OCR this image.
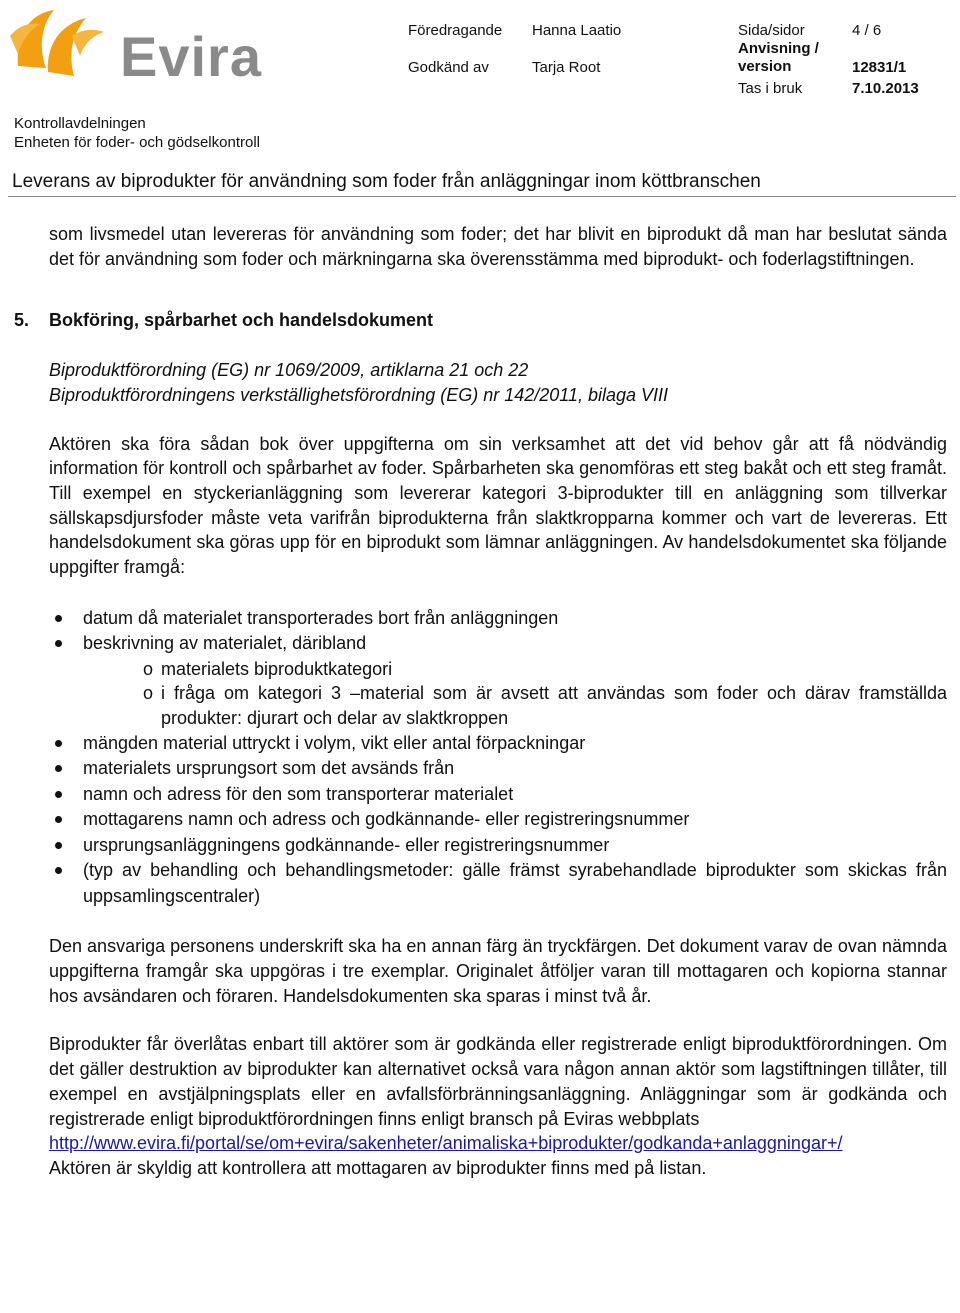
Evira	Föredragande Hanna Laatio	Sida/sidor	4 / 6
Godkänd av	Tarja Root
Anvisning / version	12831/1
Tas i bruk	7.10.2013
Kontrollavdelningen
Enheten för foder- och gödselkontroll
Leverans av biprodukter för användning som foder från anläggningar inom köttbranschen

som livsmedel utan levereras för användning som foder; det har blivit en biprodukt då man har beslutat sända det för användning som foder och märkningarna ska överensstämma med biprodukt- och foderlagstiftningen.

5. Bokföring, spårbarhet och handelsdokument
Biproduktförordning (EG) nr 1069/2009, artiklarna 21 och 22
Biproduktförordningens verkställighetsförordning (EG) nr 142/2011, bilaga VIII

Aktören ska föra sådan bok över uppgifterna om sin verksamhet att det vid behov går att få nödvändig information för kontroll och spårbarhet av foder. Spårbarheten ska genomföras ett steg bakåt och ett steg framåt. Till exempel en styckerianläggning som levererar kategori 3-biprodukter till en anläggning som tillverkar sällskapsdjursfoder måste veta varifrån biprodukterna från slaktkropparna kommer och vart de levereras. Ett handelsdokument ska göras upp för en biprodukt som lämnar anläggningen. Av handelsdokumentet ska följande uppgifter framgå:

datum då materialet transporterades bort från anläggningen
beskrivning av materialet, däribland
o materialets biproduktkategori
o i fråga om kategori 3 –material som är avsett att användas som foder och därav framställda produkter: djurart och delar av slaktkroppen
mängden material uttryckt i volym, vikt eller antal förpackningar
materialets ursprungsort som det avsänds från
namn och adress för den som transporterar materialet
mottagarens namn och adress och godkännande- eller registreringsnummer
ursprungsanläggningens godkännande- eller registreringsnummer
(typ av behandling och behandlingsmetoder: gälle främst syrabehandlade biprodukter som skickas från uppsamlingscentraler)

Den ansvariga personens underskrift ska ha en annan färg än tryckfärgen. Det dokument varav de ovan nämnda uppgifterna framgår ska uppgöras i tre exemplar. Originalet åtföljer varan till mottagaren och kopiorna stannar hos avsändaren och föraren. Handelsdokumenten ska sparas i minst två år.

Biprodukter får överlåtas enbart till aktörer som är godkända eller registrerade enligt biproduktförordningen. Om det gäller destruktion av biprodukter kan alternativet också vara någon annan aktör som lagstiftningen tillåter, till exempel en avstjälpningsplats eller en avfallsförbränningsanläggning. Anläggningar som är godkända och registrerade enligt biproduktförordningen finns enligt bransch på Eviras webbplats

http://www.evira.fi/portal/se/om+evira/sakenheter/animaliska+biprodukter/godkanda+anlaggningar+/

Aktören är skyldig att kontrollera att mottagaren av biprodukter finns med på listan.
